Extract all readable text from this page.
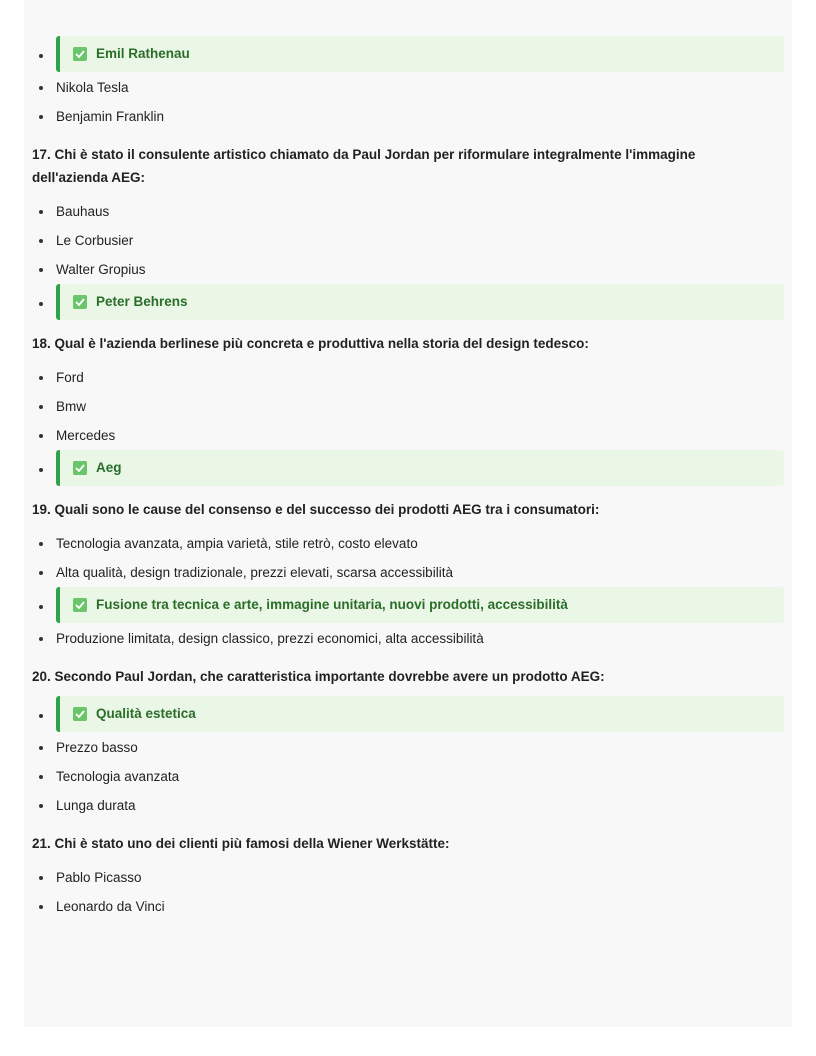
Emil Rathenau
Nikola Tesla
Benjamin Franklin
17. Chi è stato il consulente artistico chiamato da Paul Jordan per riformulare integralmente l'immagine dell'azienda AEG:
Bauhaus
Le Corbusier
Walter Gropius
Peter Behrens
18. Qual è l'azienda berlinese più concreta e produttiva nella storia del design tedesco:
Ford
Bmw
Mercedes
Aeg
19. Quali sono le cause del consenso e del successo dei prodotti AEG tra i consumatori:
Tecnologia avanzata, ampia varietà, stile retrò, costo elevato
Alta qualità, design tradizionale, prezzi elevati, scarsa accessibilità
Fusione tra tecnica e arte, immagine unitaria, nuovi prodotti, accessibilità
Produzione limitata, design classico, prezzi economici, alta accessibilità
20. Secondo Paul Jordan, che caratteristica importante dovrebbe avere un prodotto AEG:
Qualità estetica
Prezzo basso
Tecnologia avanzata
Lunga durata
21. Chi è stato uno dei clienti più famosi della Wiener Werkstätte:
Pablo Picasso
Leonardo da Vinci
